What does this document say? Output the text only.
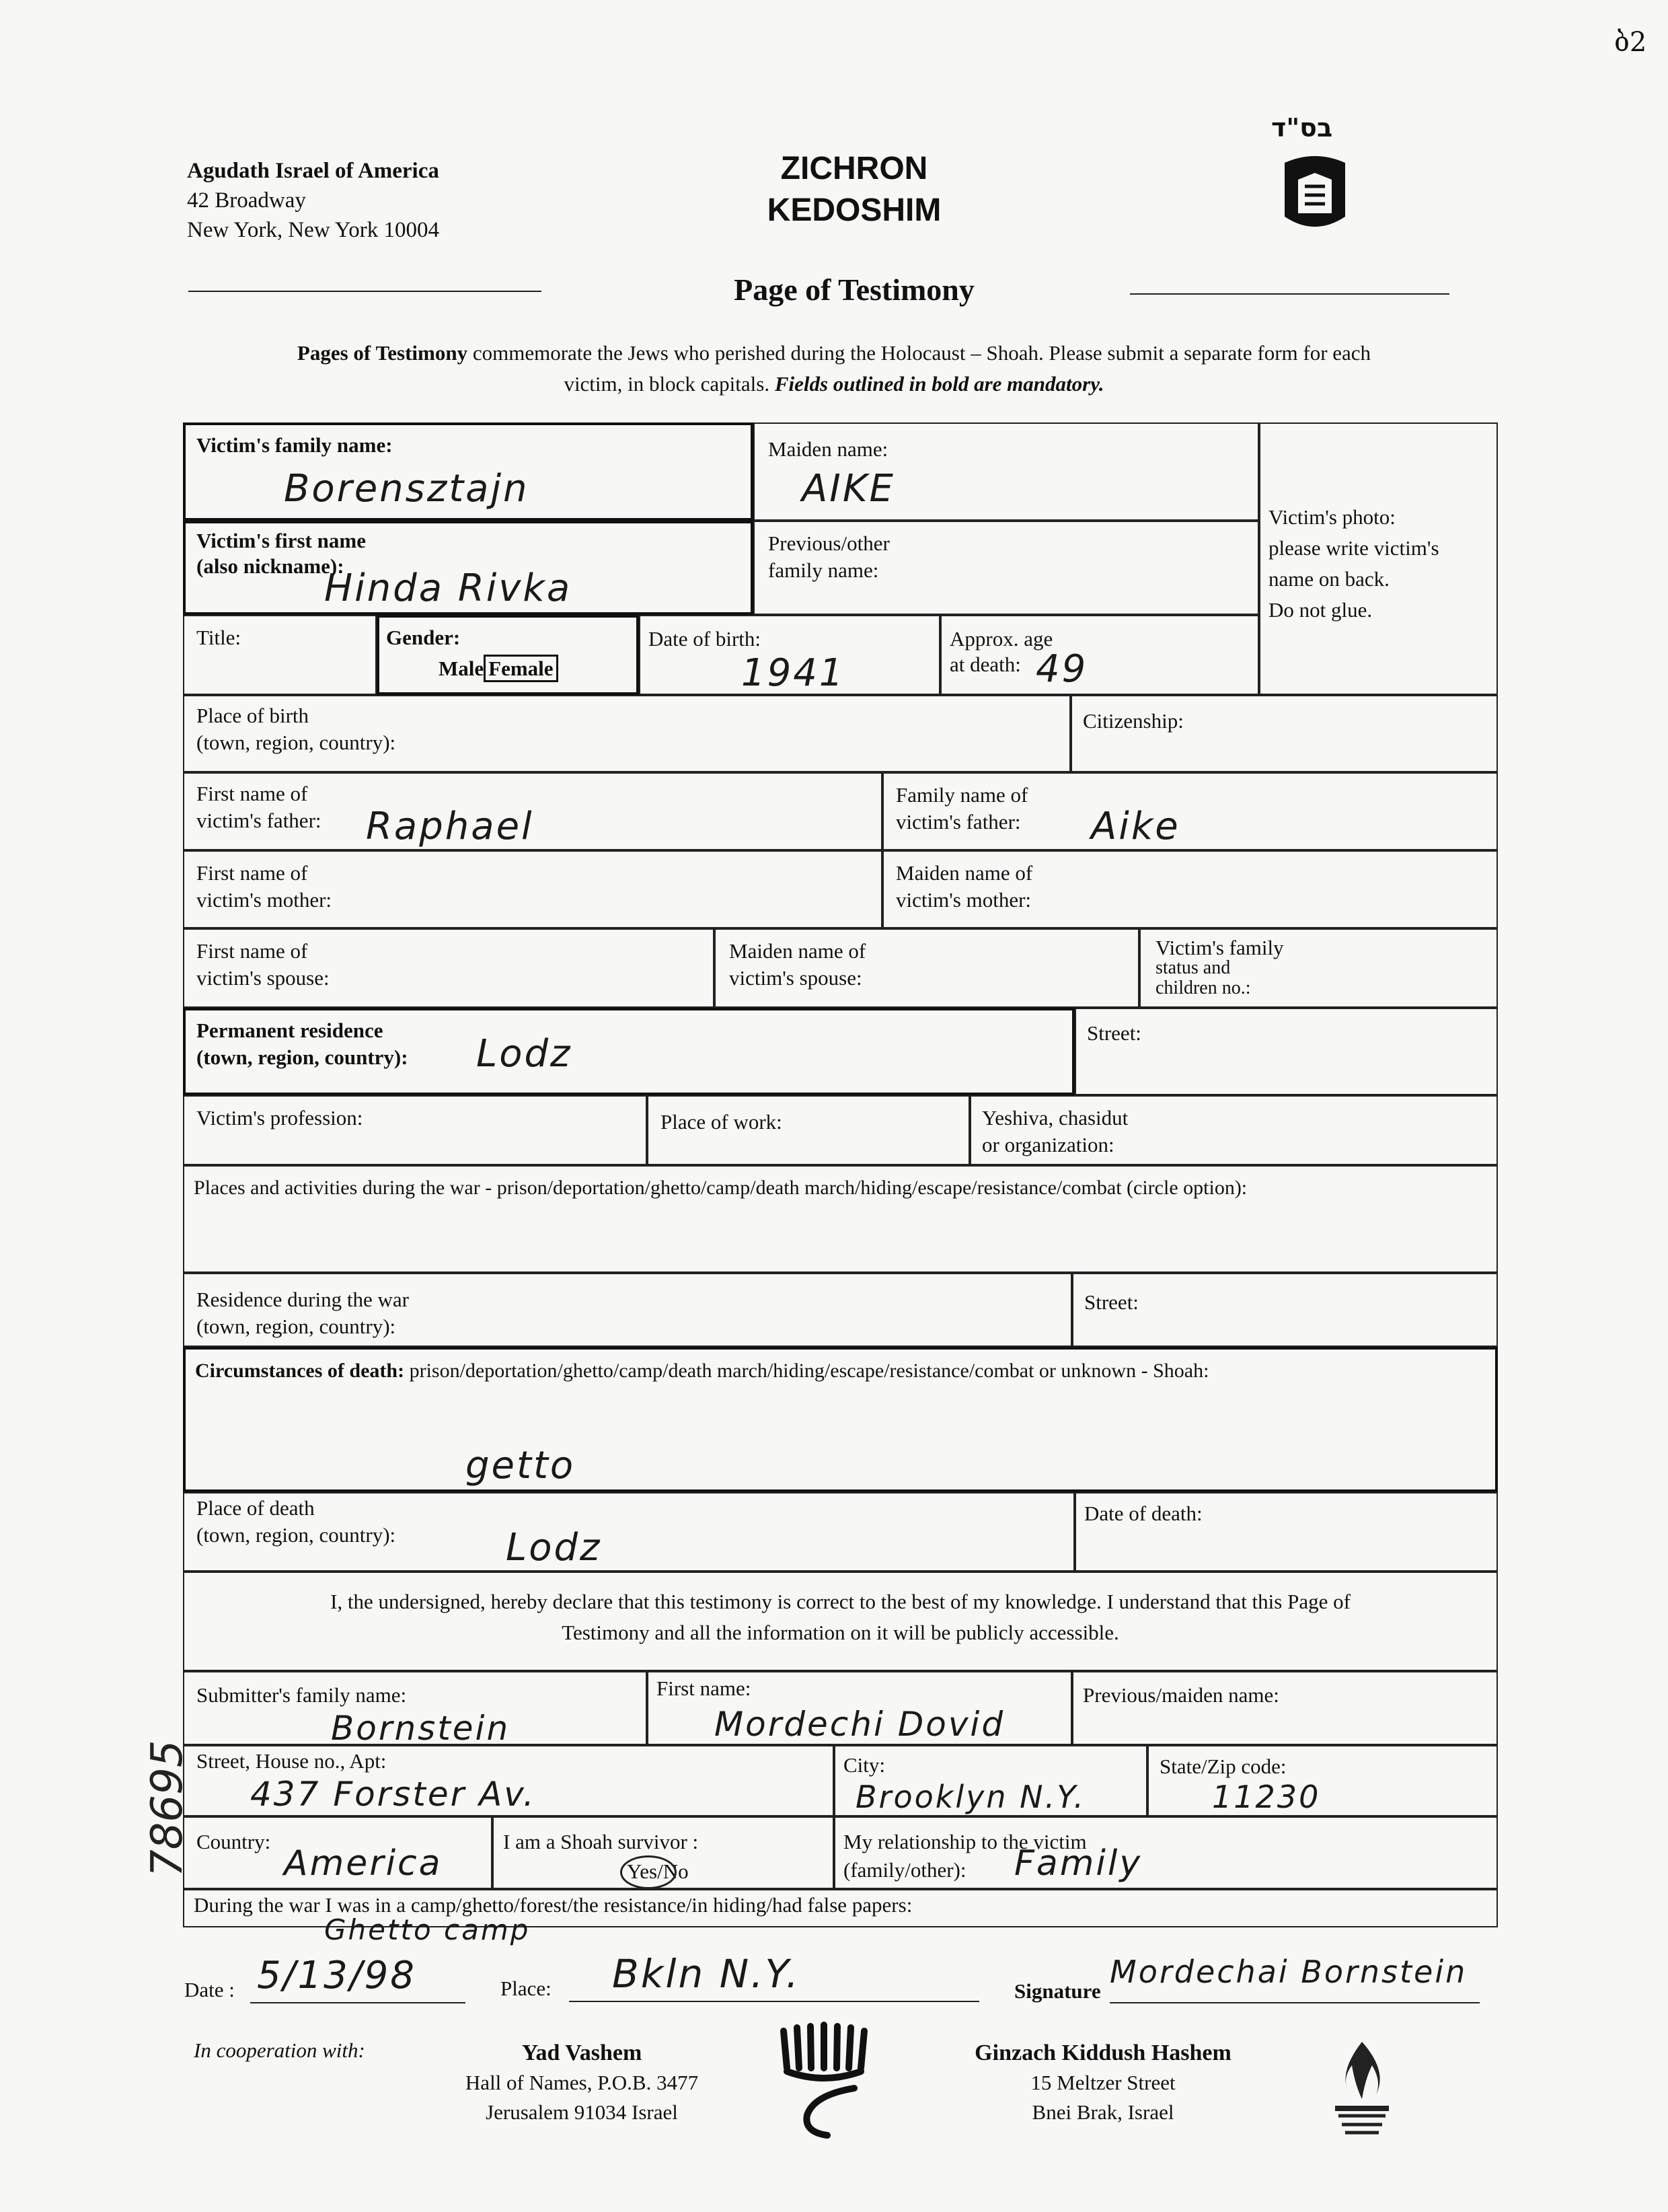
ბ2
Agudath Israel of America
42 Broadway
New York, New York 10004
ZICHRON
KEDOSHIM
בס"ד
Page of Testimony
Pages of Testimony commemorate the Jews who perished during the Holocaust – Shoah. Please submit a separate form for each
victim, in block capitals. Fields outlined in bold are mandatory.
Victim's family name:
Borensztajn
Maiden name:
AIKE
Victim's photo:
please write victim's
name on back.
Do not glue.
Victim's first name
(also nickname):
Hinda Rivka
Previous/other
family name:
Title:	Gender:
Male Female
Date of birth:
1941
Approx. age
at death: 49
Place of birth
(town, region, country):
Citizenship:
First name of
victim's father: Raphael
Family name of
victim's father: Aike
First name of
victim's mother:
Maiden name of
victim's mother:
First name of
victim's spouse:
Maiden name of
victim's spouse:
Victim's family
status and
children no.:
Permanent residence
(town, region, country): Lodz	Street:
Victim's profession:	Place of work:	Yeshiva, chasidut
or organization:
Places and activities during the war - prison/deportation/ghetto/camp/death march/hiding/escape/resistance/combat (circle option):
Residence during the war
(town, region, country):
Street:
Circumstances of death: prison/deportation/ghetto/camp/death march/hiding/escape/resistance/combat or unknown - Shoah:
getto
Place of death
(town, region, country):	Lodz
Date of death:
I, the undersigned, hereby declare that this testimony is correct to the best of my knowledge. I understand that this Page of
Testimony and all the information on it will be publicly accessible.
Submitter's family name:
Bornstein
First name:
Mordechi Dovid
Previous/maiden name:
Street, House no., Apt:
437 Forster Av.
City:
Brooklyn N.Y.
State/Zip code:
11230
Country:
America
I am a Shoah survivor :
Yes/No
My relationship to the victim
(family/other): Family
During the war I was in a camp/ghetto/forest/the resistance/in hiding/had false papers:
Ghetto camp
78695
Date : 5/13/98	Place: Bkln N.Y.	Signature
Mordechai Bornstein
In cooperation with:	Yad Vashem
Hall of Names, P.O.B. 3477
Jerusalem 91034 Israel
Ginzach Kiddush Hashem
15 Meltzer Street
Bnei Brak, Israel
